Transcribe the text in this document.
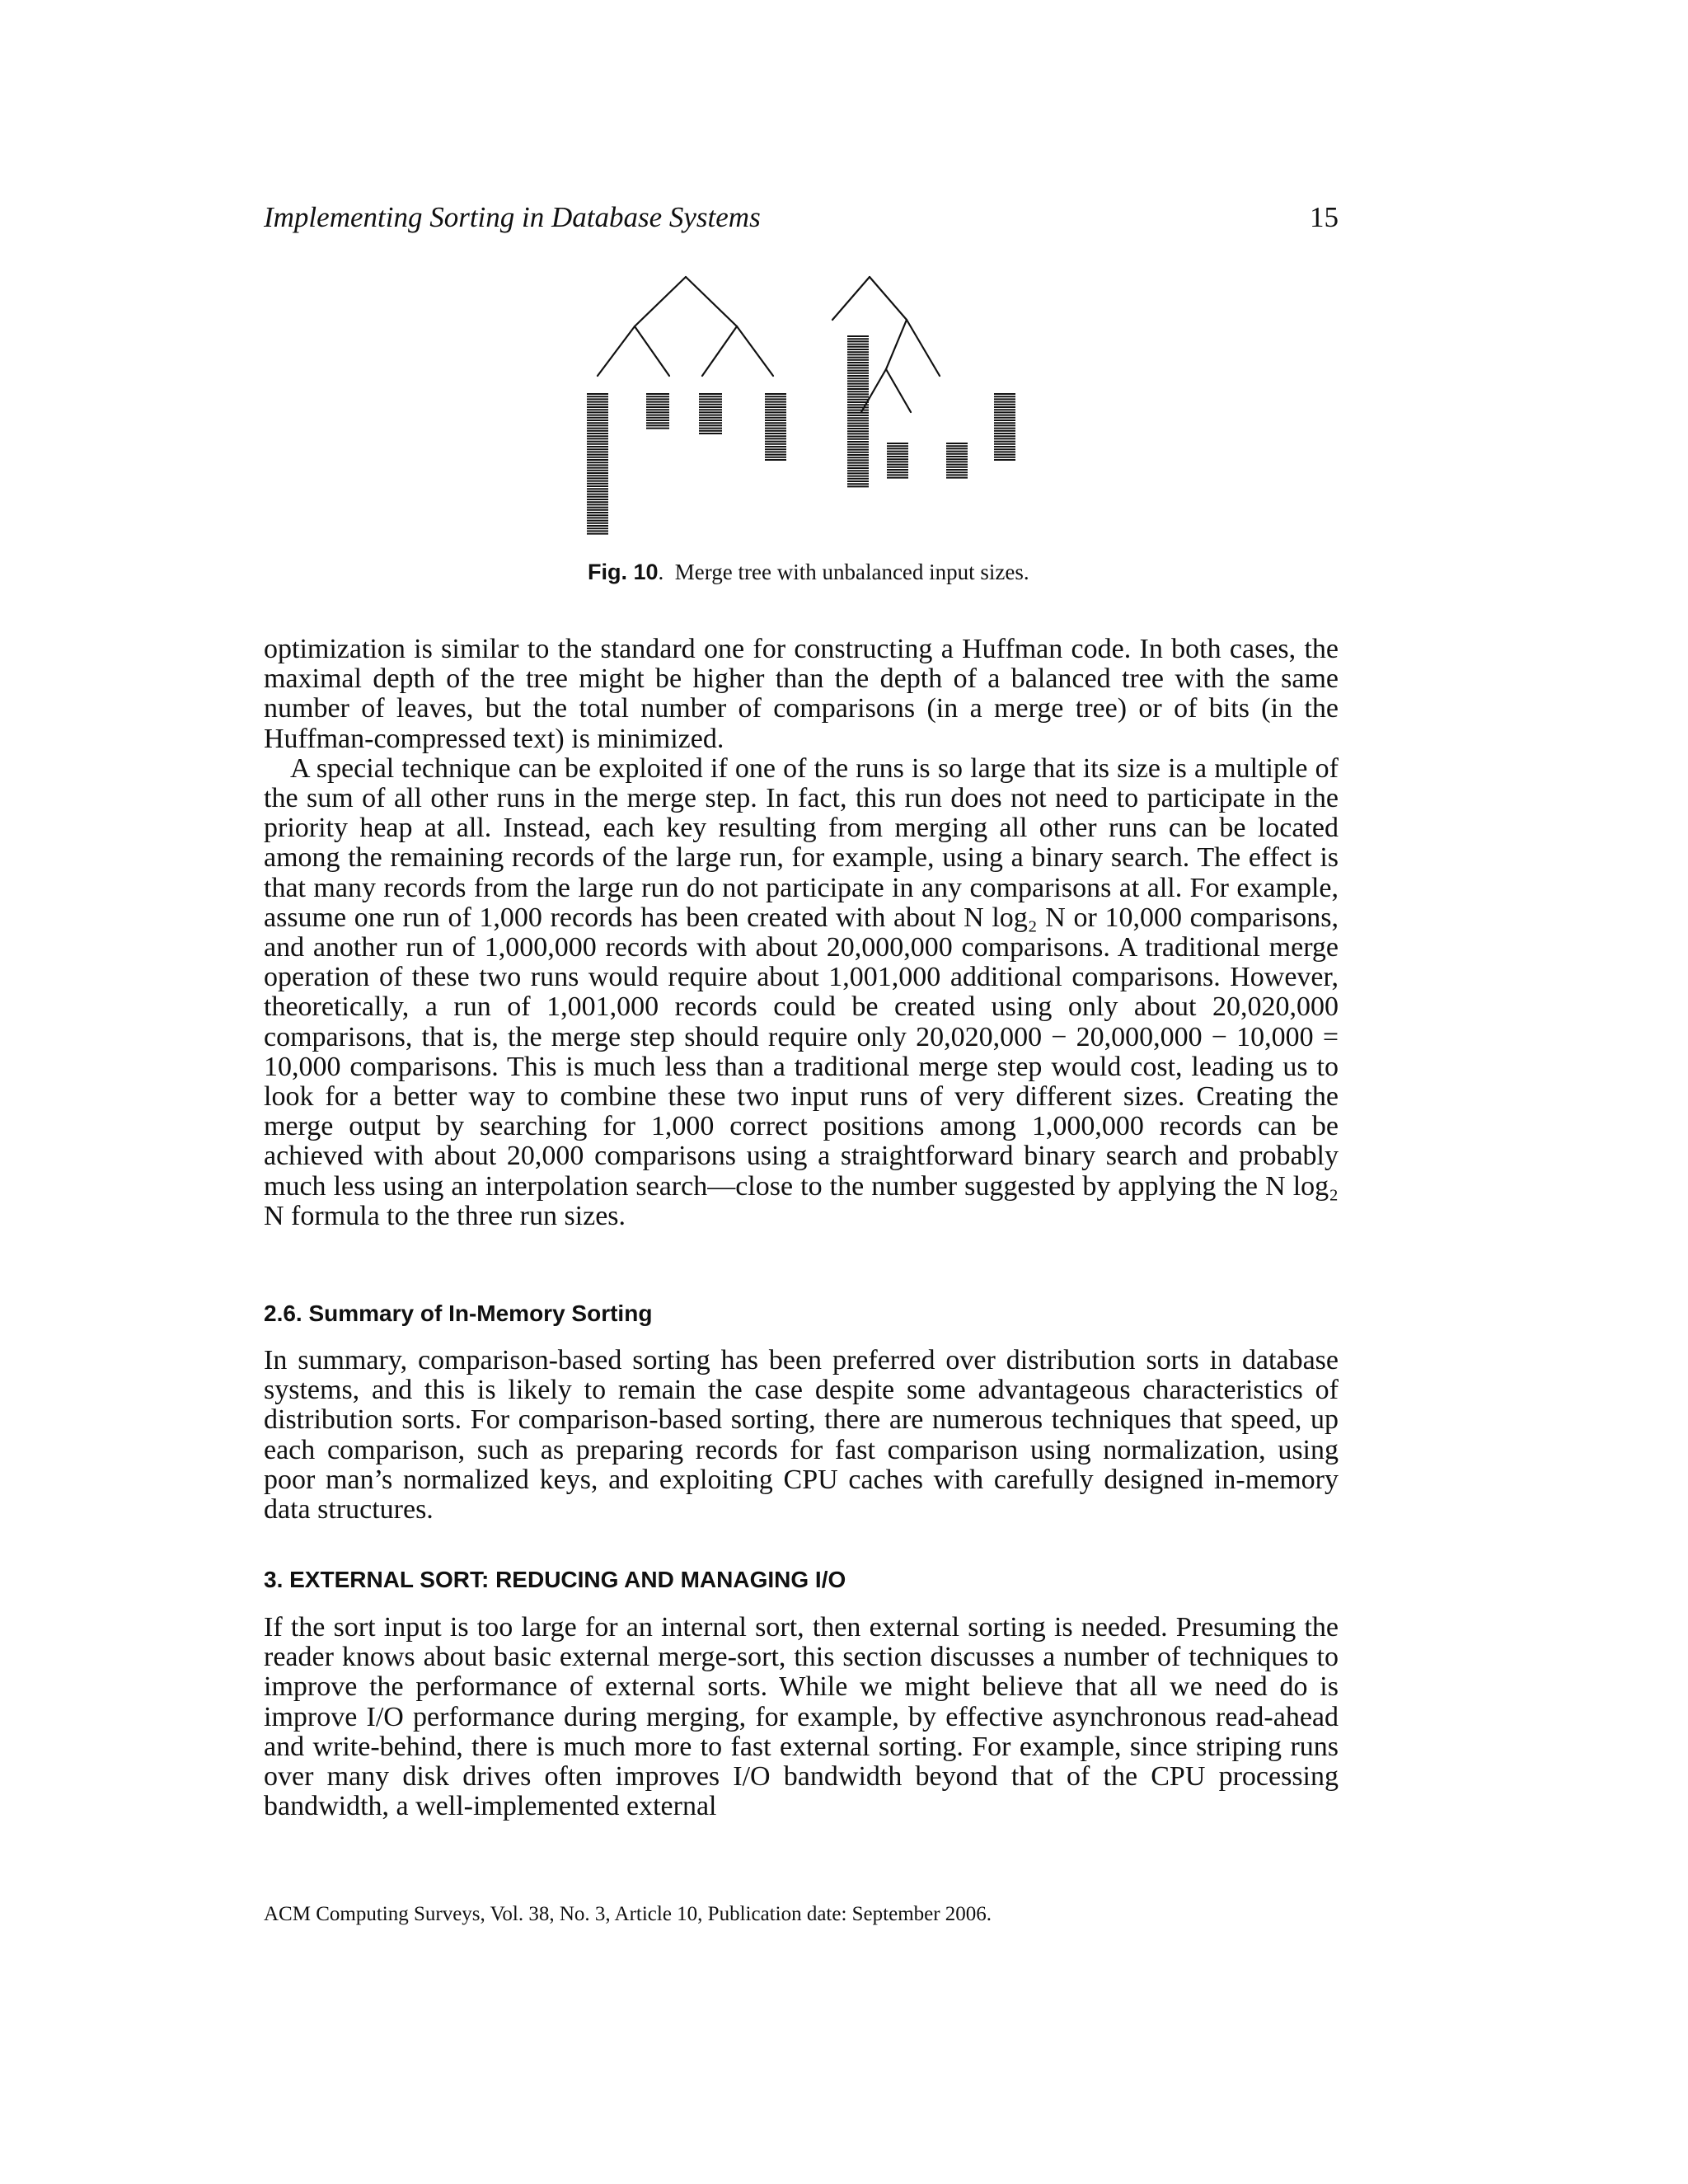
Implementing Sorting in Database Systems	15
Fig. 10.  Merge tree with unbalanced input sizes.

optimization is similar to the standard one for constructing a Huffman code. In both cases, the maximal depth of the tree might be higher than the depth of a balanced tree with the same number of leaves, but the total number of comparisons (in a merge tree) or of bits (in the Huffman-compressed text) is minimized.

A special technique can be exploited if one of the runs is so large that its size is a multiple of the sum of all other runs in the merge step. In fact, this run does not need to participate in the priority heap at all. Instead, each key resulting from merging all other runs can be located among the remaining records of the large run, for example, using a binary search. The effect is that many records from the large run do not participate in any comparisons at all. For example, assume one run of 1,000 records has been created with about N log₂ N or 10,000 comparisons, and another run of 1,000,000 records with about 20,000,000 comparisons. A traditional merge operation of these two runs would require about 1,001,000 additional comparisons. However, theoretically, a run of 1,001,000 records could be created using only about 20,020,000 comparisons, that is, the merge step should require only 20,020,000 − 20,000,000 − 10,000 = 10,000 comparisons. This is much less than a traditional merge step would cost, leading us to look for a better way to combine these two input runs of very different sizes. Creating the merge output by searching for 1,000 correct positions among 1,000,000 records can be achieved with about 20,000 comparisons using a straightforward binary search and probably much less using an interpolation search—close to the number suggested by applying the N log₂ N formula to the three run sizes.

2.6. Summary of In-Memory Sorting

In summary, comparison-based sorting has been preferred over distribution sorts in database systems, and this is likely to remain the case despite some advantageous characteristics of distribution sorts. For comparison-based sorting, there are numerous techniques that speed, up each comparison, such as preparing records for fast comparison using normalization, using poor man’s normalized keys, and exploiting CPU caches with carefully designed in-memory data structures.

3. EXTERNAL SORT: REDUCING AND MANAGING I/O

If the sort input is too large for an internal sort, then external sorting is needed. Presuming the reader knows about basic external merge-sort, this section discusses a number of techniques to improve the performance of external sorts. While we might believe that all we need do is improve I/O performance during merging, for example, by effective asynchronous read-ahead and write-behind, there is much more to fast external sorting. For example, since striping runs over many disk drives often improves I/O bandwidth beyond that of the CPU processing bandwidth, a well-implemented external

ACM Computing Surveys, Vol. 38, No. 3, Article 10, Publication date: September 2006.
